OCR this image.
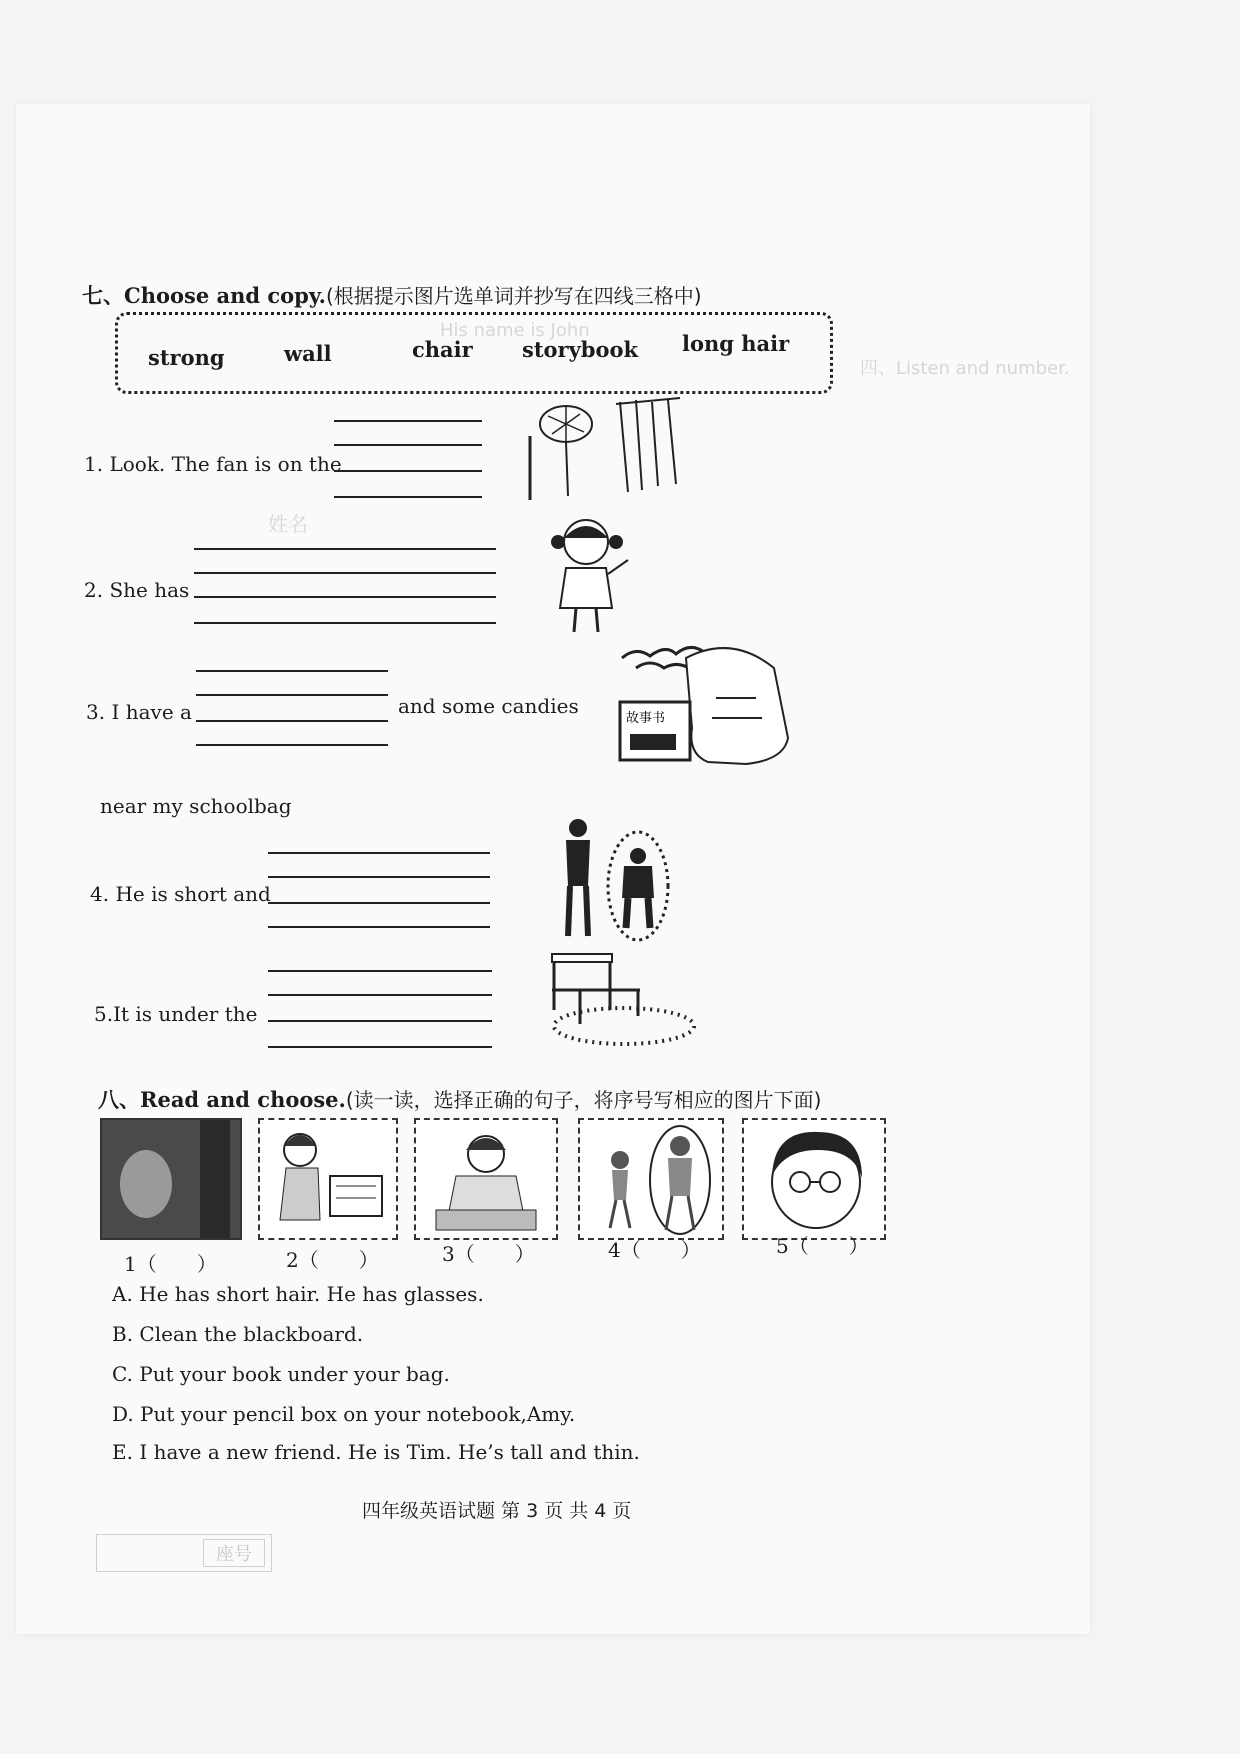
His name is John
四、Listen and number.
姓名
七、Choose and copy.(根据提示图片选单词并抄写在四线三格中)
strong	wall	chair storybook long hair
1. Look. The fan is on the
2. She has
3. I have a	and some candies
near my schoolbag
故事书
4. He is short and
5.It is under the
八、Read and choose.(读一读，选择正确的句子，将序号写相应的图片下面)
1（　　）	2（　　）	3（　　）	4（　　）	5（　　）
A. He has short hair. He has glasses.
B. Clean the blackboard.
C. Put your book under your bag.
D. Put your pencil box on your notebook,Amy.
E. I have a new friend. He is Tim. He’s tall and thin.
四年级英语试题 第 3 页 共 4 页
座号
